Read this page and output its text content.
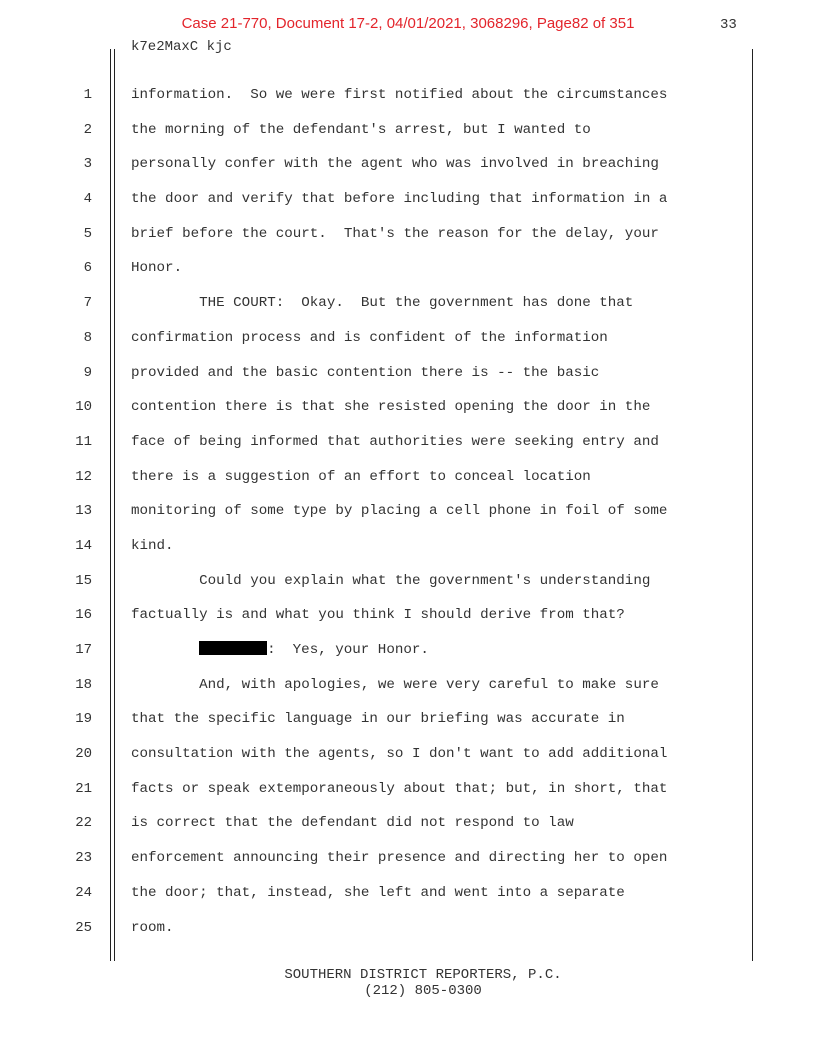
Case 21-770, Document 17-2, 04/01/2021, 3068296, Page82 of 351	33
k7e2MaxC kjc
1
2
3
4
5
6
7
8
9
10
11
12
13
14
15
16
17
18
19
20
21
22
23
24
25
information.  So we were first notified about the circumstances
the morning of the defendant's arrest, but I wanted to
personally confer with the agent who was involved in breaching
the door and verify that before including that information in a
brief before the court.  That's the reason for the delay, your
Honor.
THE COURT:  Okay.  But the government has done that
confirmation process and is confident of the information
provided and the basic contention there is -- the basic
contention there is that she resisted opening the door in the
face of being informed that authorities were seeking entry and
there is a suggestion of an effort to conceal location
monitoring of some type by placing a cell phone in foil of some
kind.
Could you explain what the government's understanding
factually is and what you think I should derive from that?
:  Yes, your Honor.
And, with apologies, we were very careful to make sure
that the specific language in our briefing was accurate in
consultation with the agents, so I don't want to add additional
facts or speak extemporaneously about that; but, in short, that
is correct that the defendant did not respond to law
enforcement announcing their presence and directing her to open
the door; that, instead, she left and went into a separate
room.
SOUTHERN DISTRICT REPORTERS, P.C.
(212) 805-0300
